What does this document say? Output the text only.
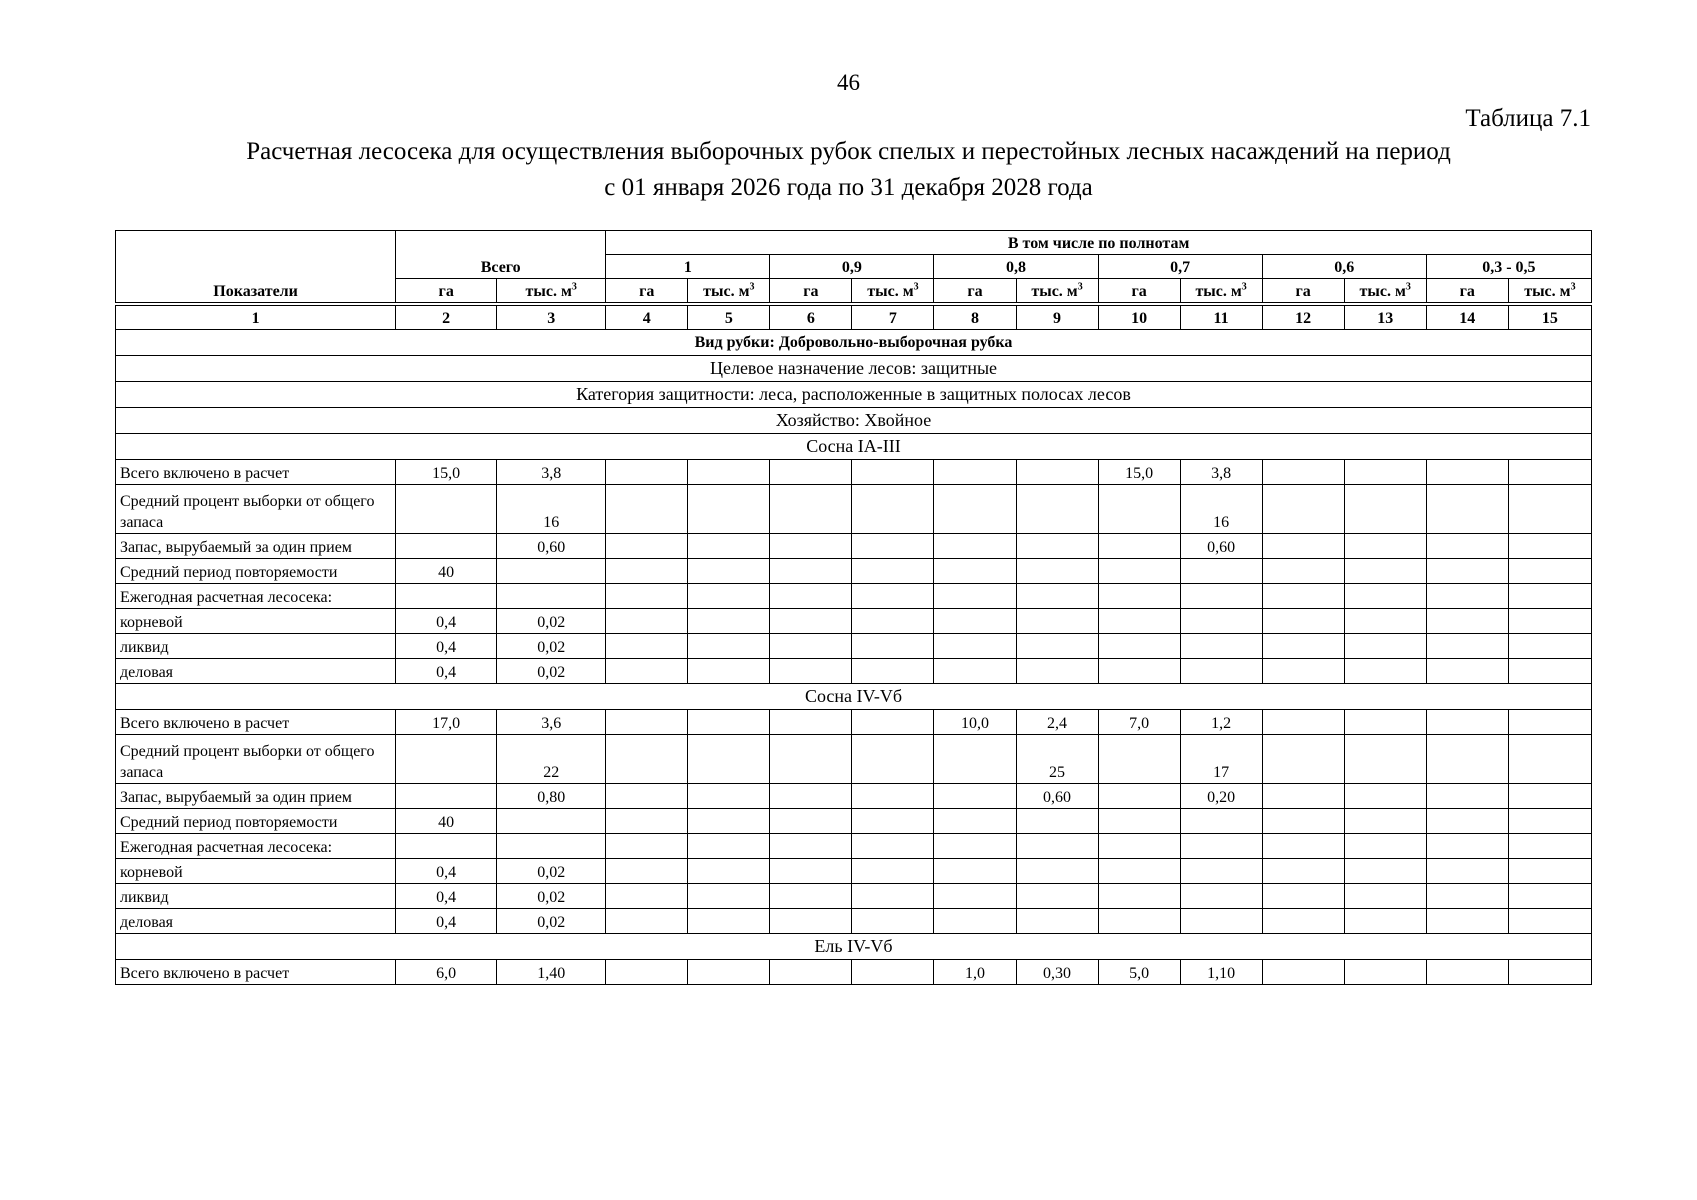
46
Таблица 7.1
Расчетная лесосека для осуществления выборочных рубок спелых и перестойных лесных насаждений на период
с 01 января 2026 года по 31 декабря 2028 года
Показатели	Всего		В том числе по полнотам											
			1		0,9		0,8		0,7		0,6		0,3 - 0,5	
	га	тыс. $м^3$	га	тыс. $м^3$	га	тыс. $м^3$	га	тыс. $м^3$	га	тыс. $м^3$	га	тыс. $м^3$	га	тыс. $м^3$

1	2	3	4	5	6	7	8	9	10	11	12	13	14	15
Вид рубки: Добровольно-выборочная рубка														
Целевое назначение лесов: защитные														
Категория защитности: леса, расположенные в защитных полосах лесов														
Хозяйство: Хвойное														
Сосна IA-III														
Всего включено в расчет	15,0	3,8							15,0	3,8				
Средний процент выборки от общего запаса		16								16				
Запас, вырубаемый за один прием		0,60								0,60				
Средний период повторяемости	40													
Ежегодная расчетная лесосека:														
корневой	0,4	0,02												
ликвид	0,4	0,02												
деловая	0,4	0,02												
Сосна IV-Vб														
Всего включено в расчет	17,0	3,6					10,0	2,4	7,0	1,2				
Средний процент выборки от общего запаса		22						25		17				
Запас, вырубаемый за один прием		0,80						0,60		0,20				
Средний период повторяемости	40													
Ежегодная расчетная лесосека:														
корневой	0,4	0,02												
ликвид	0,4	0,02												
деловая	0,4	0,02												
Ель IV-Vб														
Всего включено в расчет	6,0	1,40					1,0	0,30	5,0	1,10				
